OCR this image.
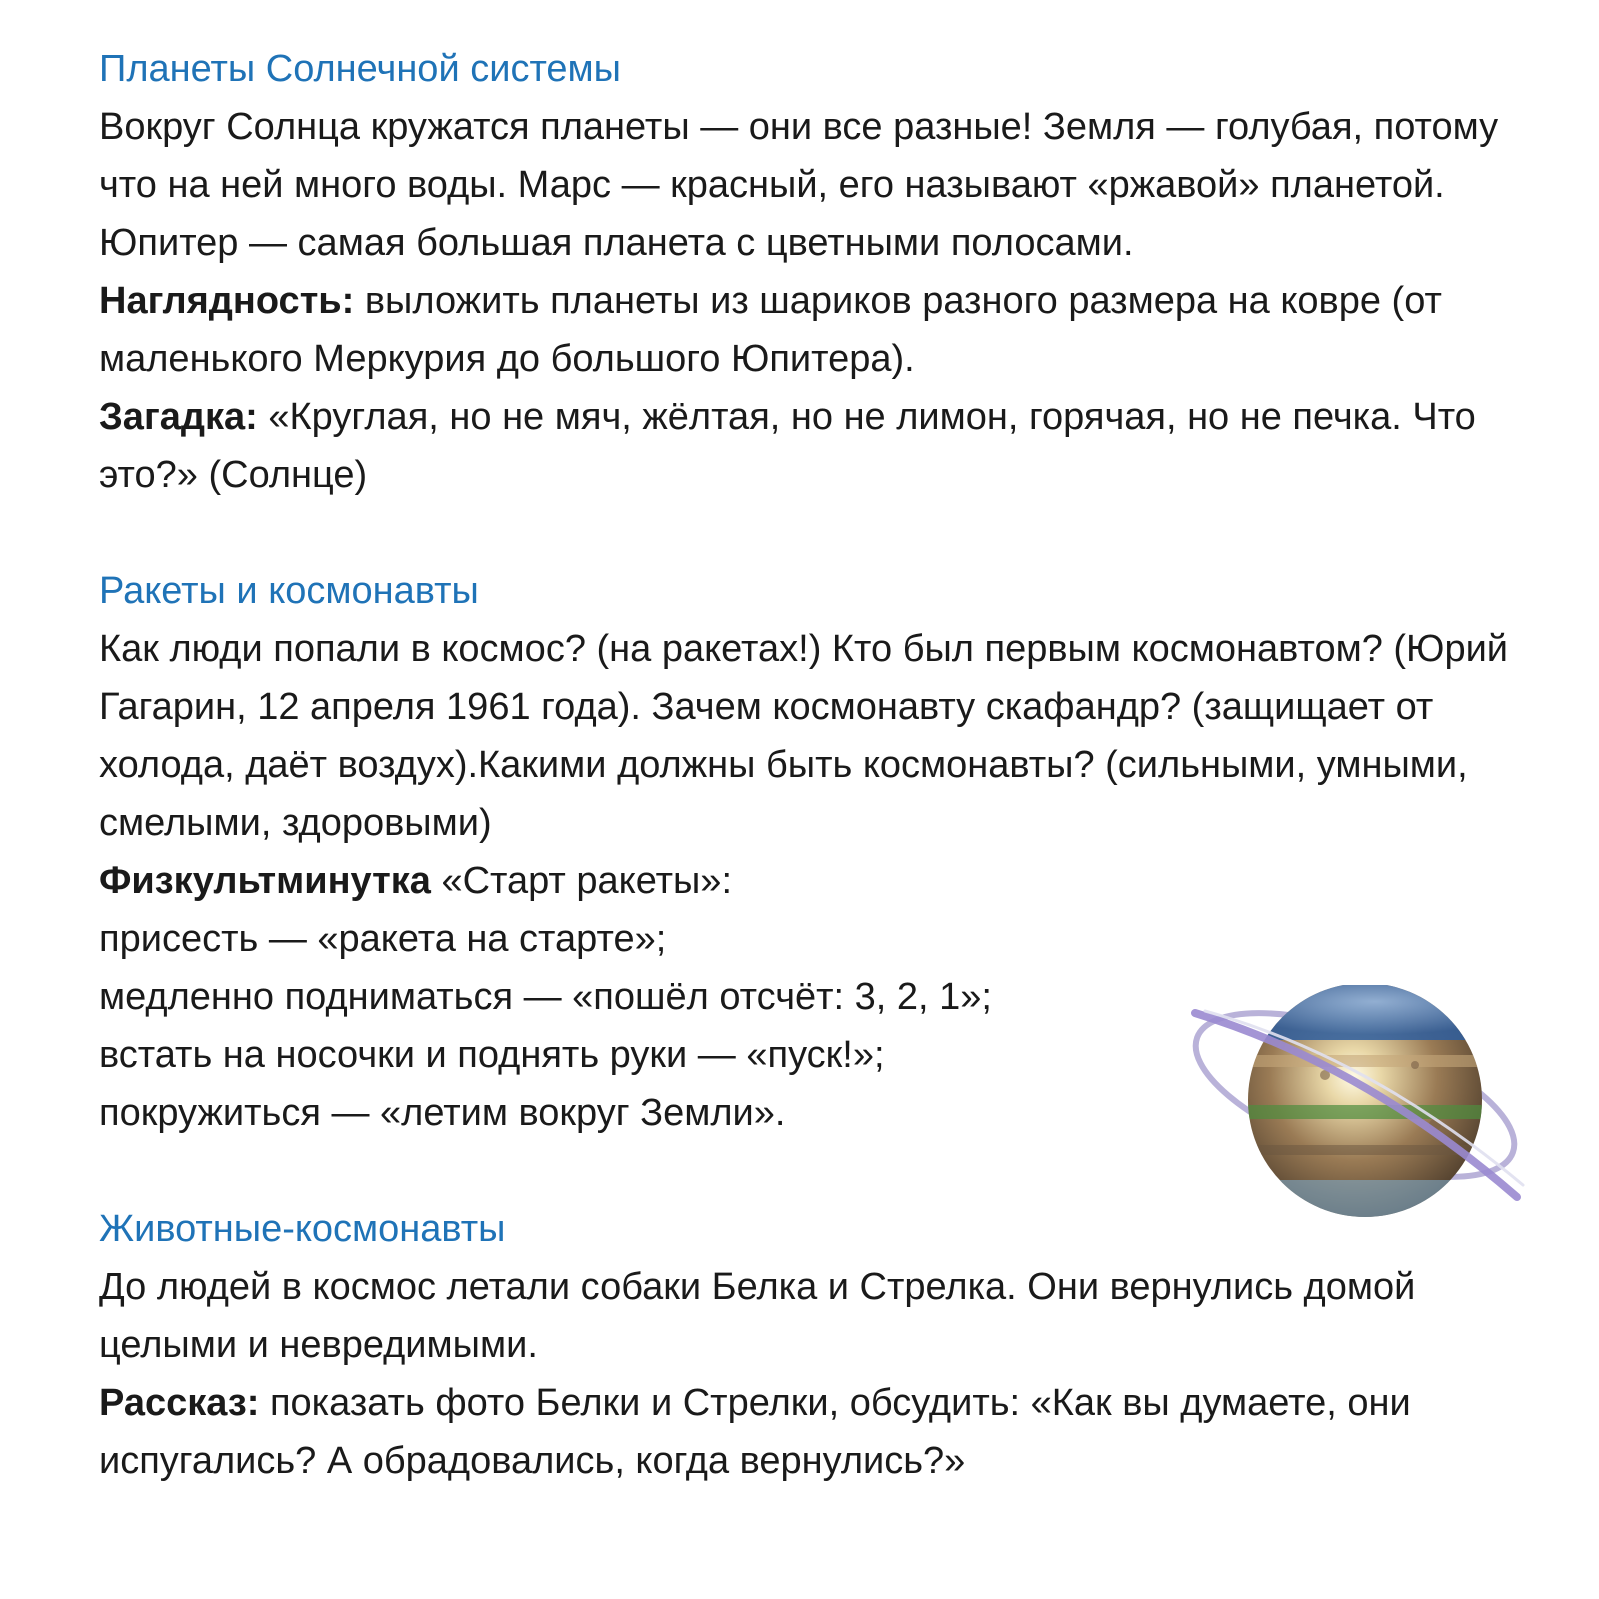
Планеты Солнечной системы

Вокруг Солнца кружатся планеты — они все разные! Земля — голубая, потому что на ней много воды. Марс — красный, его называют «ржавой» планетой. Юпитер — самая большая планета с цветными полосами.

Наглядность: выложить планеты из шариков разного размера на ковре (от маленького Меркурия до большого Юпитера).

Загадка: «Круглая, но не мяч, жёлтая, но не лимон, горячая, но не печка. Что это?» (Солнце)

Ракеты и космонавты

Как люди попали в космос? (на ракетах!) Кто был первым космонавтом? (Юрий Гагарин, 12 апреля 1961 года). Зачем космонавту скафандр? (защищает от холода, даёт воздух).Какими должны быть космонавты? (сильными, умными, смелыми, здоровыми)

Физкультминутка «Старт ракеты»:

присесть — «ракета на старте»;

медленно подниматься — «пошёл отсчёт: 3, 2, 1»;

встать на носочки и поднять руки — «пуск!»;

покружиться — «летим вокруг Земли».

Животные-космонавты

До людей в космос летали собаки Белка и Стрелка. Они вернулись домой целыми и невредимыми.

Рассказ: показать фото Белки и Стрелки, обсудить: «Как вы думаете, они испугались? А обрадовались, когда вернулись?»
